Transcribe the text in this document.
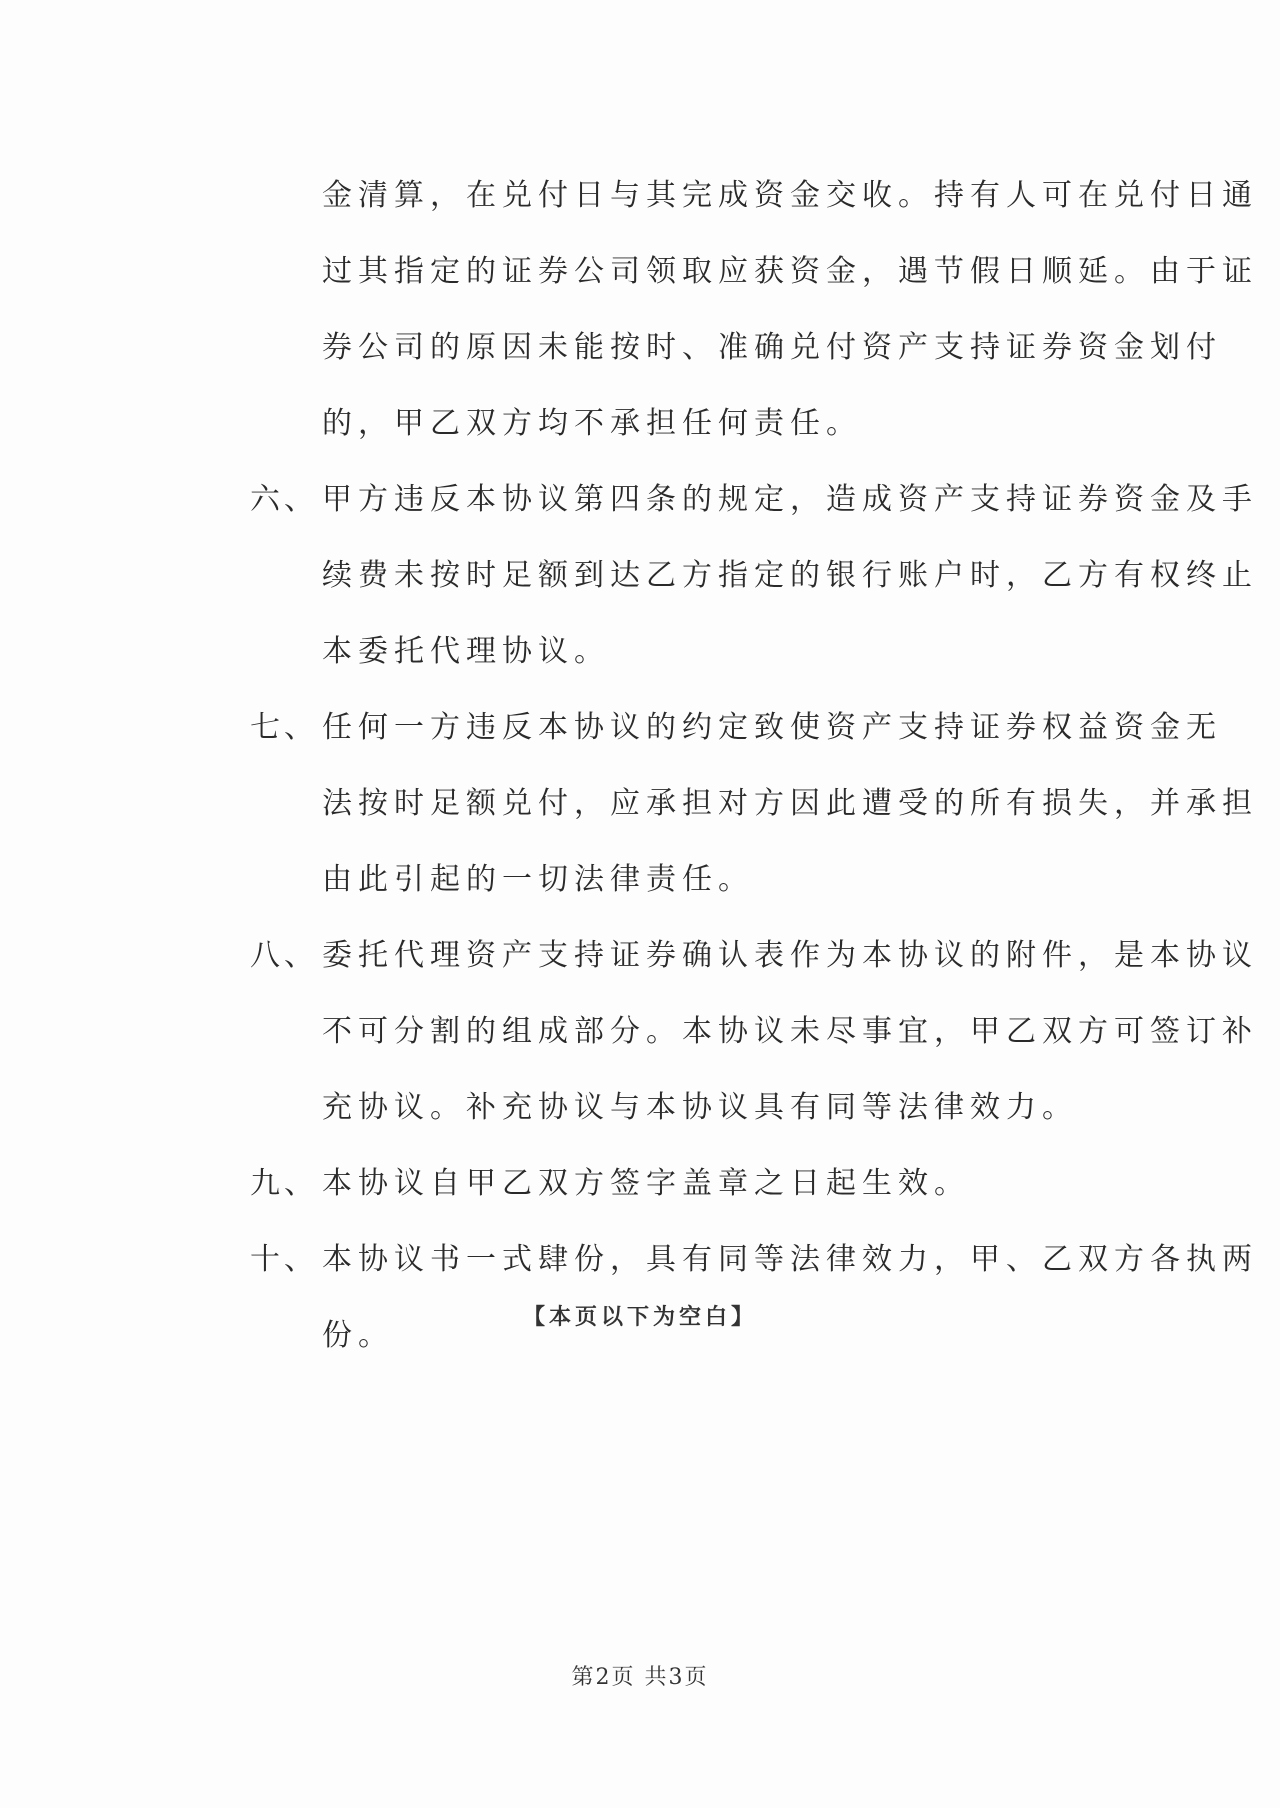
金清算，在兑付日与其完成资金交收。持有人可在兑付日通
过其指定的证券公司领取应获资金，遇节假日顺延。由于证
券公司的原因未能按时、准确兑付资产支持证券资金划付
的，甲乙双方均不承担任何责任。
六、 甲方违反本协议第四条的规定，造成资产支持证券资金及手
续费未按时足额到达乙方指定的银行账户时，乙方有权终止
本委托代理协议。
七、 任何一方违反本协议的约定致使资产支持证券权益资金无
法按时足额兑付，应承担对方因此遭受的所有损失，并承担
由此引起的一切法律责任。
八、 委托代理资产支持证券确认表作为本协议的附件，是本协议
不可分割的组成部分。本协议未尽事宜，甲乙双方可签订补
充协议。补充协议与本协议具有同等法律效力。
九、 本协议自甲乙双方签字盖章之日起生效。
十、 本协议书一式肆份，具有同等法律效力，甲、乙双方各执两
份。
【本页以下为空白】
第2页 共3页
